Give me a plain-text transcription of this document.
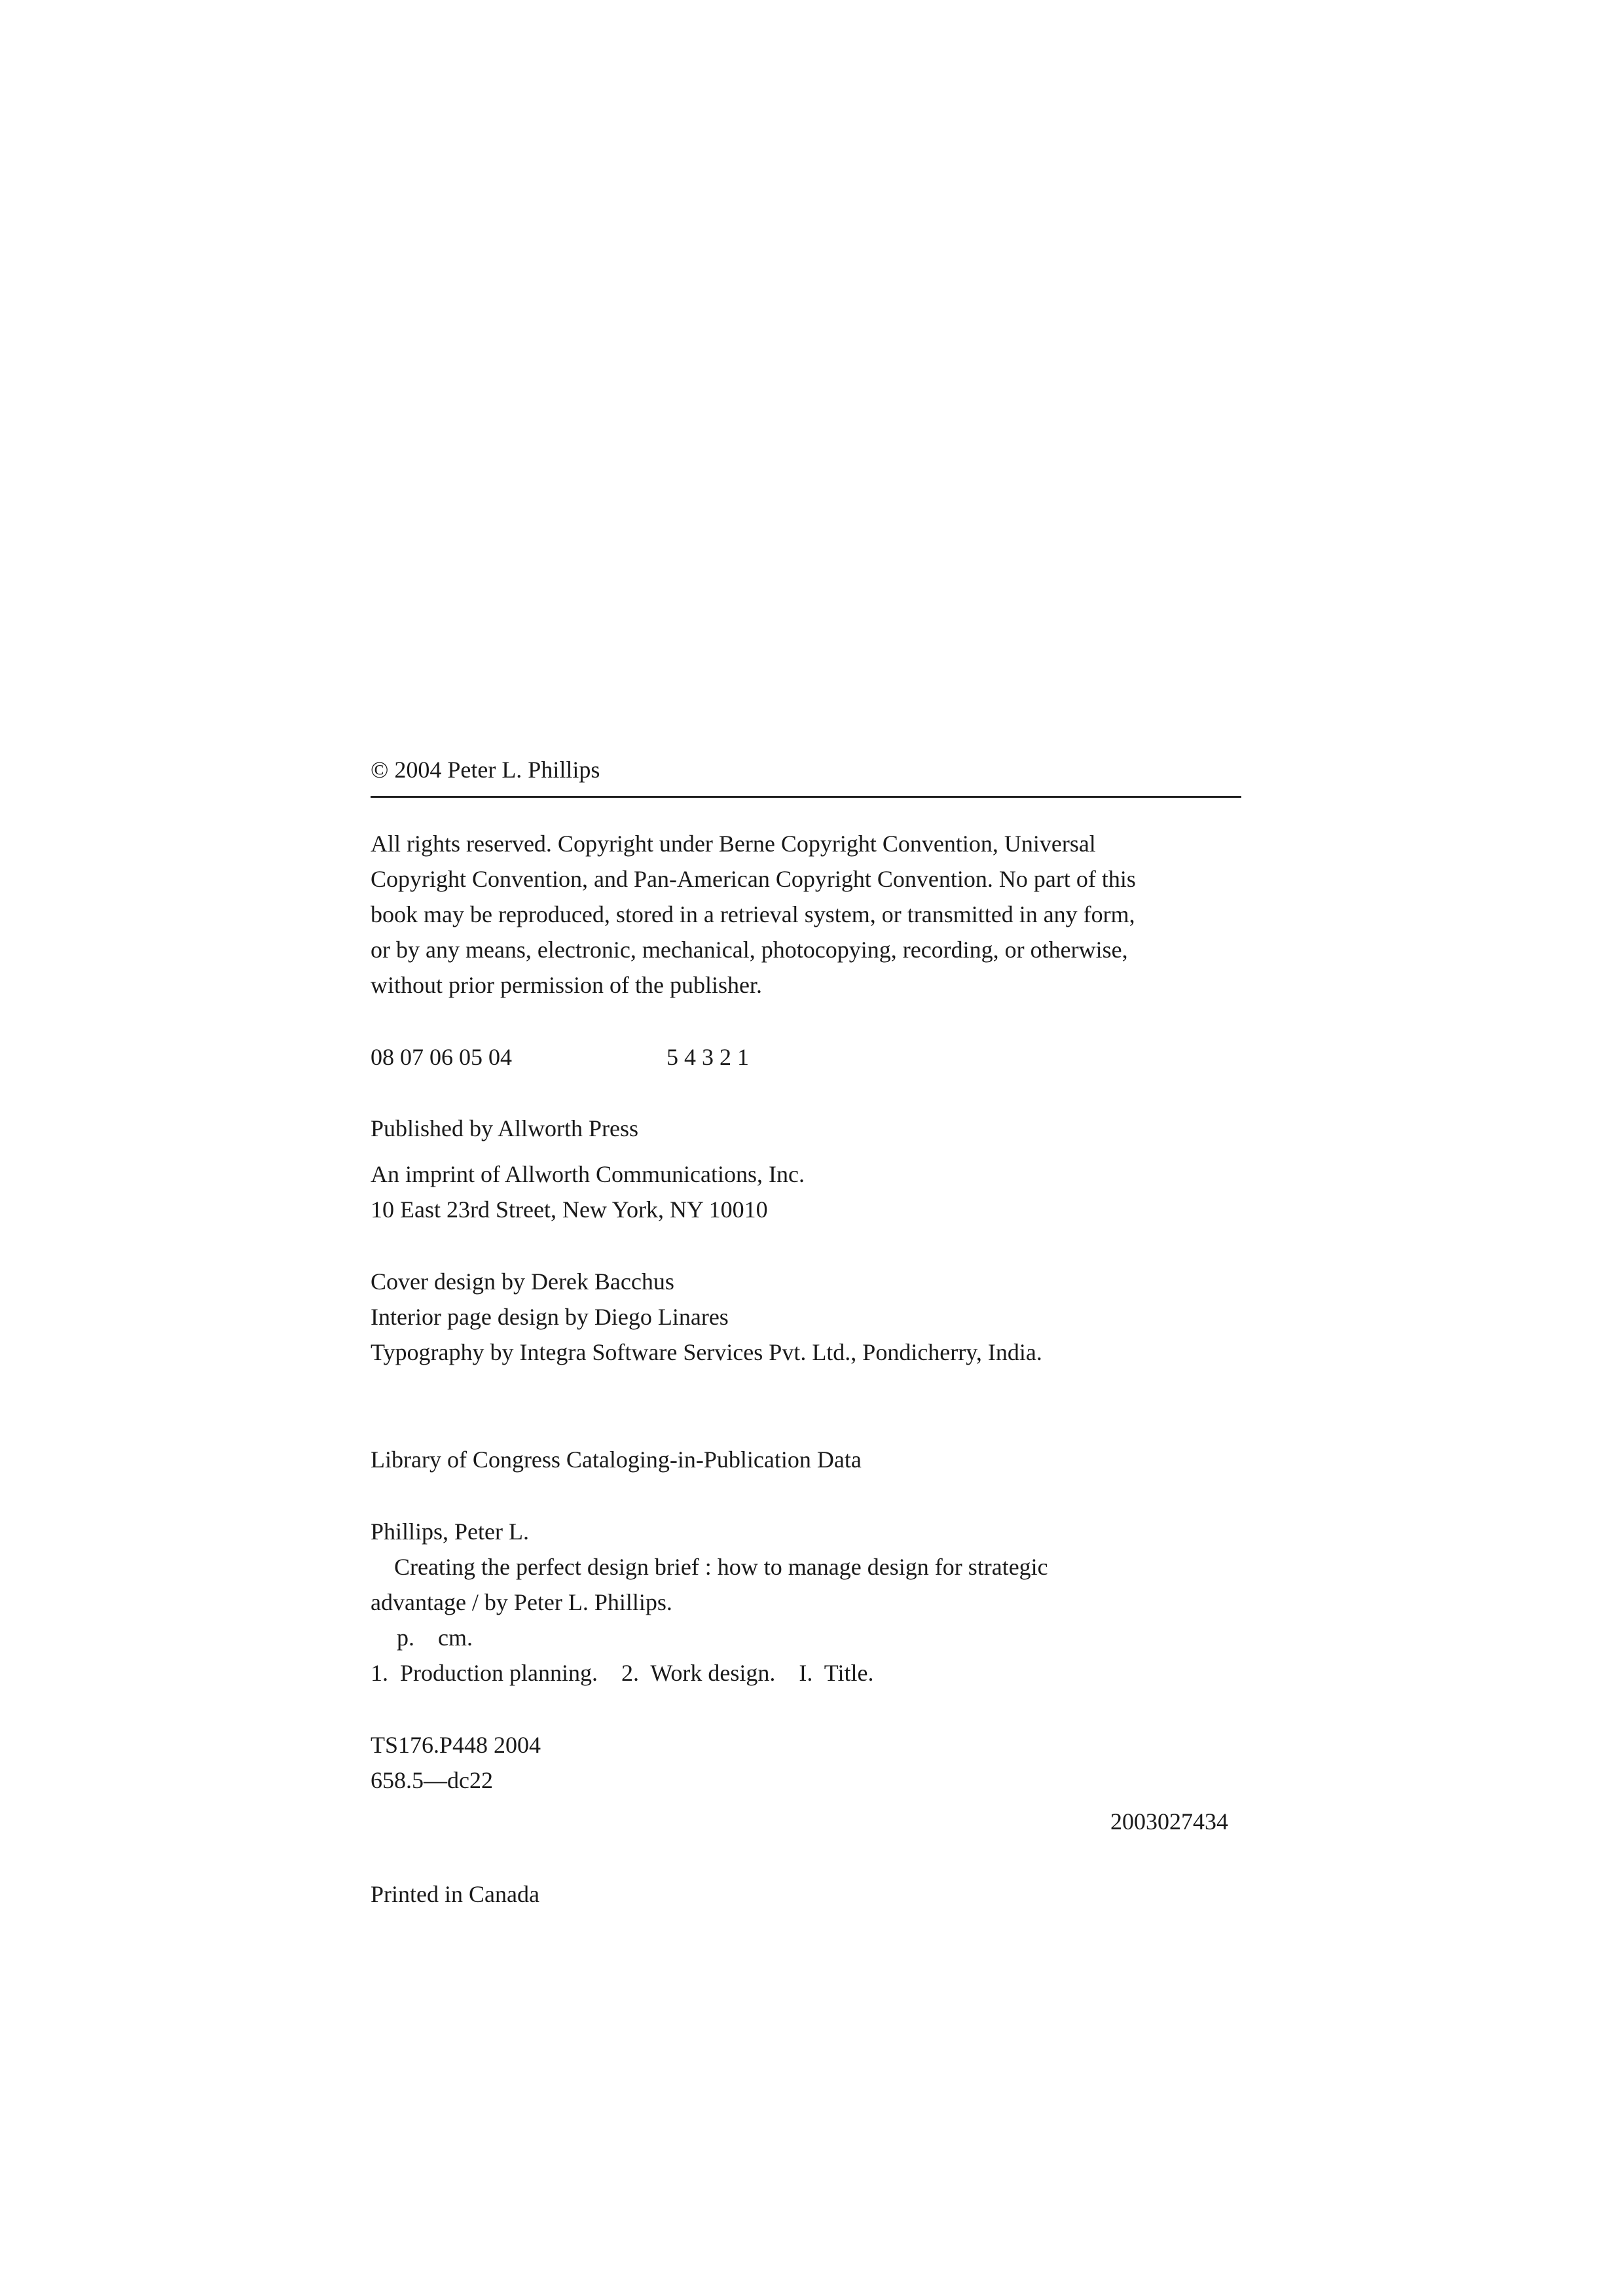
© 2004 Peter L. Phillips
All rights reserved. Copyright under Berne Copyright Convention, Universal
Copyright Convention, and Pan-American Copyright Convention. No part of this
book may be reproduced, stored in a retrieval system, or transmitted in any form,
or by any means, electronic, mechanical, photocopying, recording, or otherwise,
without prior permission of the publisher.
08 07 06 05 04	5 4 3 2 1
Published by Allworth Press
An imprint of Allworth Communications, Inc.
10 East 23rd Street, New York, NY 10010
Cover design by Derek Bacchus
Interior page design by Diego Linares
Typography by Integra Software Services Pvt. Ltd., Pondicherry, India.
Library of Congress Cataloging-in-Publication Data
Phillips, Peter L.
Creating the perfect design brief : how to manage design for strategic
advantage / by Peter L. Phillips.
p.    cm.
1.  Production planning.    2.  Work design.    I.  Title.
TS176.P448 2004
658.5—dc22
2003027434
Printed in Canada
